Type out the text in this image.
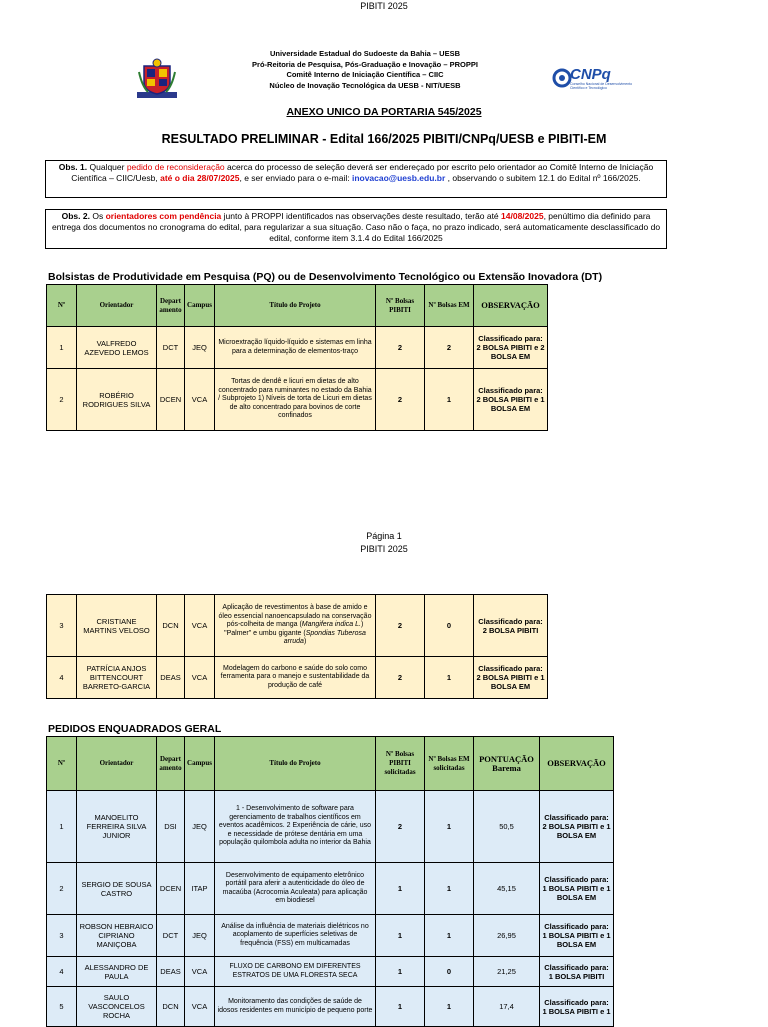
PIBITI 2025
Universidade Estadual do Sudoeste da Bahia – UESB
Pró-Reitoria de Pesquisa, Pós-Graduação e Inovação – PROPPI
Comitê Interno de Iniciação Científica – CIIC
Núcleo de Inovação Tecnológica da UESB - NIT/UESB
CNPq
Conselho Nacional de Desenvolvimento Científico e Tecnológico
ANEXO UNICO DA PORTARIA 545/2025
RESULTADO PRELIMINAR - Edital 166/2025 PIBITI/CNPq/UESB e PIBITI-EM
Obs. 1. Qualquer pedido de reconsideração acerca do processo de seleção deverá ser endereçado por escrito pelo orientador ao Comitê Interno de Iniciação Científica – CIIC/Uesb, até o dia 28/07/2025, e ser enviado para o e-mail: inovacao@uesb.edu.br , observando o subitem 12.1 do Edital nº 166/2025.
Obs. 2. Os orientadores com pendência junto à PROPPI identificados nas observações deste resultado, terão até 14/08/2025, penúltimo dia definido para entrega dos documentos no cronograma do edital, para regularizar a sua situação. Caso não o faça, no prazo indicado, será automaticamente desclassificado do edital, conforme item 3.1.4 do Edital 166/2025
Bolsistas de Produtividade em Pesquisa (PQ) ou de Desenvolvimento Tecnológico ou Extensão Inovadora (DT)
Nº	Orientador	Depart amento	Campus	Título do Projeto	Nº Bolsas PIBITI	Nº Bolsas EM	OBSERVAÇÃO
1	VALFREDO AZEVEDO LEMOS	DCT	JEQ	Microextração líquido-líquido e sistemas em linha para a determinação de elementos-traço	2	2	Classificado para: 2 BOLSA PIBITI e 2 BOLSA EM
2	ROBÉRIO RODRIGUES SILVA	DCEN	VCA	Tortas de dendê e licuri em dietas de alto concentrado para ruminantes no estado da Bahia / Subprojeto 1) Níveis de torta de Licuri em dietas de alto concentrado para bovinos de corte confinados	2	1	Classificado para: 2 BOLSA PIBITI e 1 BOLSA EM
Página 1
PIBITI 2025
3	CRISTIANE MARTINS VELOSO	DCN	VCA	Aplicação de revestimentos à base de amido e óleo essencial nanoencapsulado na conservação pós-colheita de manga (Mangifera indica L.) "Palmer" e umbu gigante (Spondias Tuberosa arruda)	2	0	Classificado para: 2 BOLSA PIBITI
4	PATRÍCIA ANJOS BITTENCOURT BARRETO-GARCIA	DEAS	VCA	Modelagem do carbono e saúde do solo como ferramenta para o manejo e sustentabilidade da produção de café	2	1	Classificado para: 2 BOLSA PIBITI e 1 BOLSA EM
PEDIDOS ENQUADRADOS GERAL
Nº	Orientador	Depart amento	Campus	Título do Projeto	Nº Bolsas PIBITI solicitadas	Nº Bolsas EM solicitadas	PONTUAÇÃO Barema	OBSERVAÇÃO
1	MANOELITO FERREIRA SILVA JUNIOR	DSI	JEQ	1 - Desenvolvimento de software para gerenciamento de trabalhos científicos em eventos acadêmicos. 2 Experiência de cárie, uso e necessidade de prótese dentária em uma população quilombola adulta no interior da Bahia	2	1	50,5	Classificado para: 2 BOLSA PIBITI e 1 BOLSA EM
2	SERGIO DE SOUSA CASTRO	DCEN	ITAP	Desenvolvimento de equipamento eletrônico portátil para aferir a autenticidade do óleo de macaúba (Acrocomia Aculeata) para aplicação em biodiesel	1	1	45,15	Classificado para: 1 BOLSA PIBITI e 1 BOLSA EM
3	ROBSON HEBRAICO CIPRIANO MANIÇOBA	DCT	JEQ	Análise da influência de materiais dielétricos no acoplamento de superfícies seletivas de frequência (FSS) em multicamadas	1	1	26,95	Classificado para: 1 BOLSA PIBITI e 1 BOLSA EM
4	ALESSANDRO DE PAULA	DEAS	VCA	FLUXO DE CARBONO EM DIFERENTES ESTRATOS DE UMA FLORESTA SECA	1	0	21,25	Classificado para: 1 BOLSA PIBITI
5	SAULO VASCONCELOS ROCHA	DCN	VCA	Monitoramento das condições de saúde de idosos residentes em município de pequeno porte	1	1	17,4	Classificado para: 1 BOLSA PIBITI e 1
